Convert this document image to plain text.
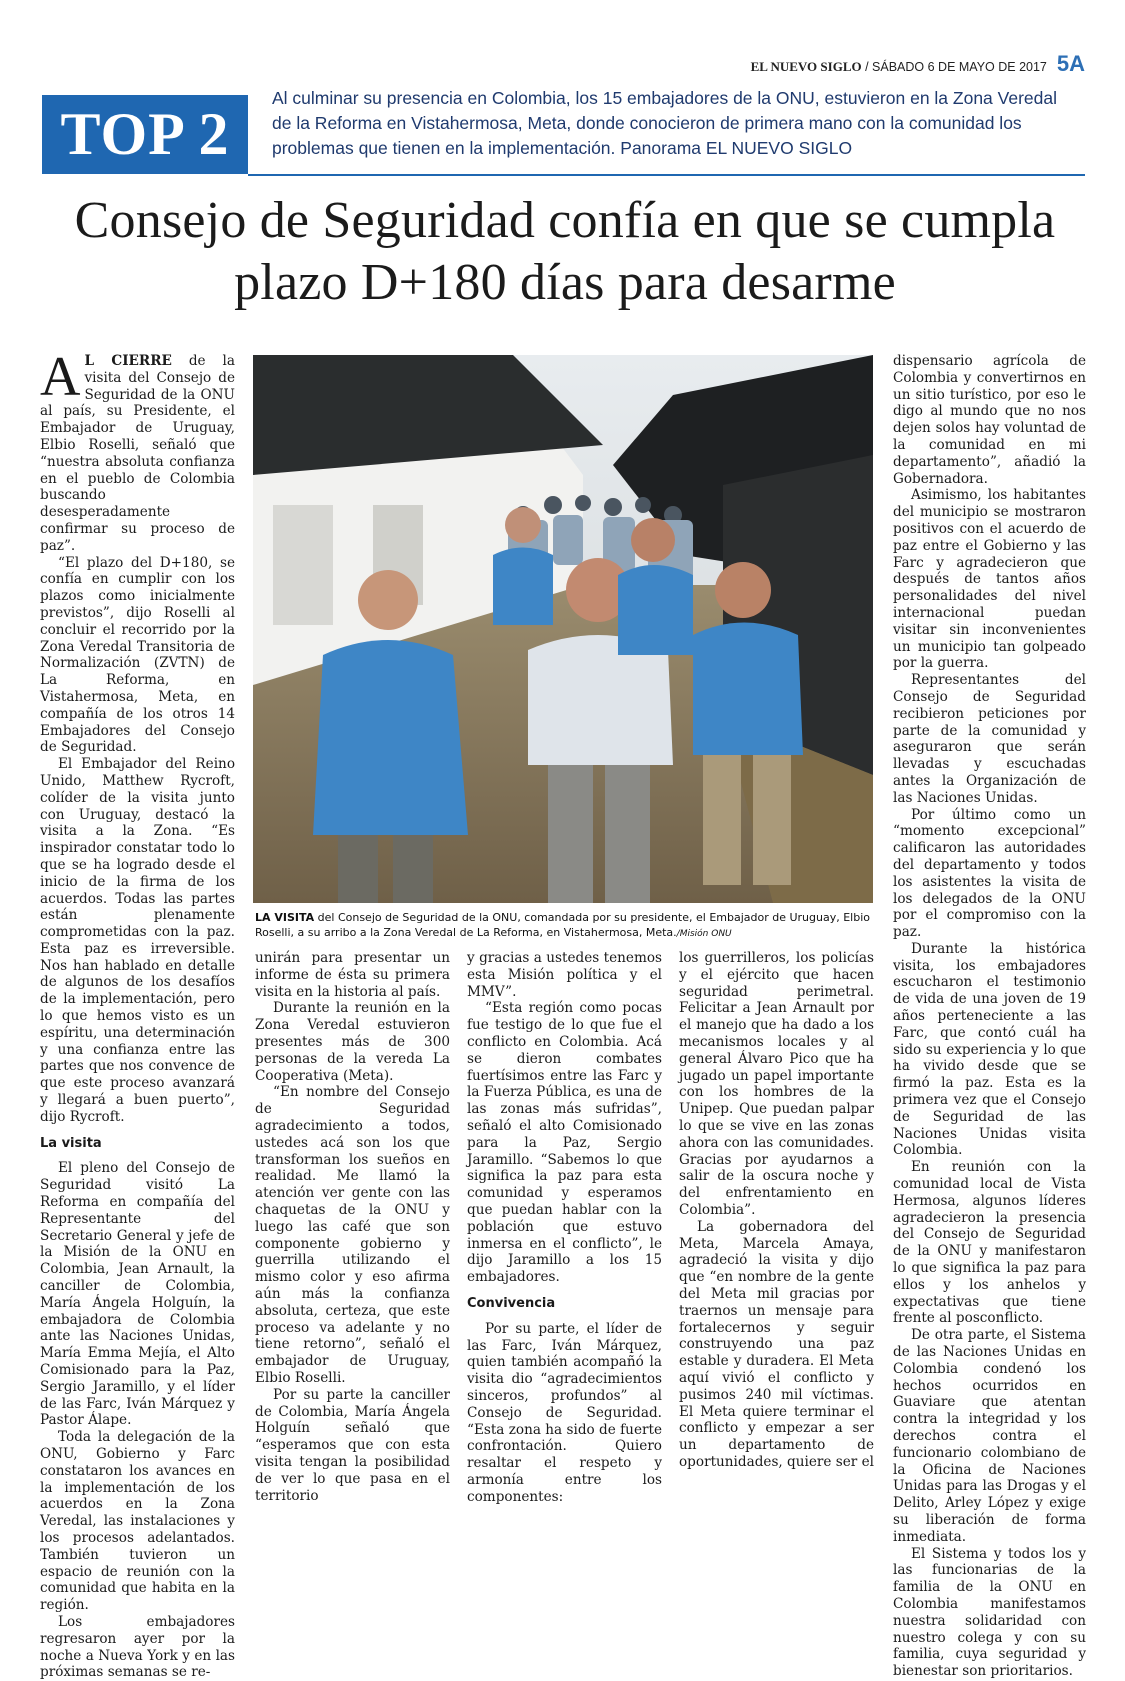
EL NUEVO SIGLO / SÁBADO 6 DE MAYO DE 2017 5A
TOP 2
Al culminar su presencia en Colombia, los 15 embajadores de la ONU, estuvieron en la Zona Veredal de la Reforma en Vistahermosa, Meta, donde conocieron de primera mano con la comunidad los problemas que tienen en la implementación. Panorama EL NUEVO SIGLO
Consejo de Seguridad confía en que se cumpla plazo D+180 días para desarme

A L CIERRE de la visita del Consejo de Seguridad de la ONU al país, su Presidente, el Embajador de Uruguay, Elbio Roselli, señaló que “nuestra absoluta confianza en el pueblo de Colombia buscando desesperadamente confirmar su proceso de paz”.

“El plazo del D+180, se confía en cumplir con los plazos como inicialmente previstos”, dijo Roselli al concluir el recorrido por la Zona Veredal Transitoria de Normalización (ZVTN) de La Reforma, en Vistahermosa, Meta, en compañía de los otros 14 Embajadores del Consejo de Seguridad.

El Embajador del Reino Unido, Matthew Rycroft, colíder de la visita junto con Uruguay, destacó la visita a la Zona. “Es inspirador constatar todo lo que se ha logrado desde el inicio de la firma de los acuerdos. Todas las partes están plenamente comprometidas con la paz. Esta paz es irreversible. Nos han hablado en detalle de algunos de los desafíos de la implementación, pero lo que hemos visto es un espíritu, una determinación y una confianza entre las partes que nos convence de que este proceso avanzará y llegará a buen puerto”, dijo Rycroft.

La visita

El pleno del Consejo de Seguridad visitó La Reforma en compañía del Representante del Secretario General y jefe de la Misión de la ONU en Colombia, Jean Arnault, la canciller de Colombia, María Ángela Holguín, la embajadora de Colombia ante las Naciones Unidas, María Emma Mejía, el Alto Comisionado para la Paz, Sergio Jaramillo, y el líder de las Farc, Iván Márquez y Pastor Álape.

Toda la delegación de la ONU, Gobierno y Farc constataron los avances en la implementación de los acuerdos en la Zona Veredal, las instalaciones y los procesos adelantados. También tuvieron un espacio de reunión con la comunidad que habita en la región.

Los embajadores regresaron ayer por la noche a Nueva York y en las próximas semanas se re-

LA VISITA del Consejo de Seguridad de la ONU, comandada por su presidente, el Embajador de Uruguay, Elbio Roselli, a su arribo a la Zona Veredal de La Reforma, en Vistahermosa, Meta./Misión ONU

unirán para presentar un informe de ésta su primera visita en la historia al país.

Durante la reunión en la Zona Veredal estuvieron presentes más de 300 personas de la vereda La Cooperativa (Meta).

“En nombre del Consejo de Seguridad agradecimiento a todos, ustedes acá son los que transforman los sueños en realidad. Me llamó la atención ver gente con las chaquetas de la ONU y luego las café que son componente gobierno y guerrilla utilizando el mismo color y eso afirma aún más la confianza absoluta, certeza, que este proceso va adelante y no tiene retorno”, señaló el embajador de Uruguay, Elbio Roselli.

Por su parte la canciller de Colombia, María Ángela Holguín señaló que “esperamos que con esta visita tengan la posibilidad de ver lo que pasa en el territorio

y gracias a ustedes tenemos esta Misión política y el MMV”.

“Esta región como pocas fue testigo de lo que fue el conflicto en Colombia. Acá se dieron combates fuertísimos entre las Farc y la Fuerza Pública, es una de las zonas más sufridas”, señaló el alto Comisionado para la Paz, Sergio Jaramillo. “Sabemos lo que significa la paz para esta comunidad y esperamos que puedan hablar con la población que estuvo inmersa en el conflicto”, le dijo Jaramillo a los 15 embajadores.

Convivencia

Por su parte, el líder de las Farc, Iván Márquez, quien también acompañó la visita dio “agradecimientos sinceros, profundos” al Consejo de Seguridad. “Esta zona ha sido de fuerte confrontación. Quiero resaltar el respeto y armonía entre los componentes:

los guerrilleros, los policías y el ejército que hacen seguridad perimetral. Felicitar a Jean Arnault por el manejo que ha dado a los mecanismos locales y al general Álvaro Pico que ha jugado un papel importante con los hombres de la Unipep. Que puedan palpar lo que se vive en las zonas ahora con las comunidades. Gracias por ayudarnos a salir de la oscura noche y del enfrentamiento en Colombia”.

La gobernadora del Meta, Marcela Amaya, agradeció la visita y dijo que “en nombre de la gente del Meta mil gracias por traernos un mensaje para fortalecernos y seguir construyendo una paz estable y duradera. El Meta aquí vivió el conflicto y pusimos 240 mil víctimas. El Meta quiere terminar el conflicto y empezar a ser un departamento de oportunidades, quiere ser el

dispensario agrícola de Colombia y convertirnos en un sitio turístico, por eso le digo al mundo que no nos dejen solos hay voluntad de la comunidad en mi departamento”, añadió la Gobernadora.

Asimismo, los habitantes del municipio se mostraron positivos con el acuerdo de paz entre el Gobierno y las Farc y agradecieron que después de tantos años personalidades del nivel internacional puedan visitar sin inconvenientes un municipio tan golpeado por la guerra.

Representantes del Consejo de Seguridad recibieron peticiones por parte de la comunidad y aseguraron que serán llevadas y escuchadas antes la Organización de las Naciones Unidas.

Por último como un “momento excepcional” calificaron las autoridades del departamento y todos los asistentes la visita de los delegados de la ONU por el compromiso con la paz.

Durante la histórica visita, los embajadores escucharon el testimonio de vida de una joven de 19 años perteneciente a las Farc, que contó cuál ha sido su experiencia y lo que ha vivido desde que se firmó la paz. Esta es la primera vez que el Consejo de Seguridad de las Naciones Unidas visita Colombia.

En reunión con la comunidad local de Vista Hermosa, algunos líderes agradecieron la presencia del Consejo de Seguridad de la ONU y manifestaron lo que significa la paz para ellos y los anhelos y expectativas que tiene frente al posconflicto.

De otra parte, el Sistema de las Naciones Unidas en Colombia condenó los hechos ocurridos en Guaviare que atentan contra la integridad y los derechos contra el funcionario colombiano de la Oficina de Naciones Unidas para las Drogas y el Delito, Arley López y exige su liberación de forma inmediata.

El Sistema y todos los y las funcionarias de la familia de la ONU en Colombia manifestamos nuestra solidaridad con nuestro colega y con su familia, cuya seguridad y bienestar son prioritarios.
